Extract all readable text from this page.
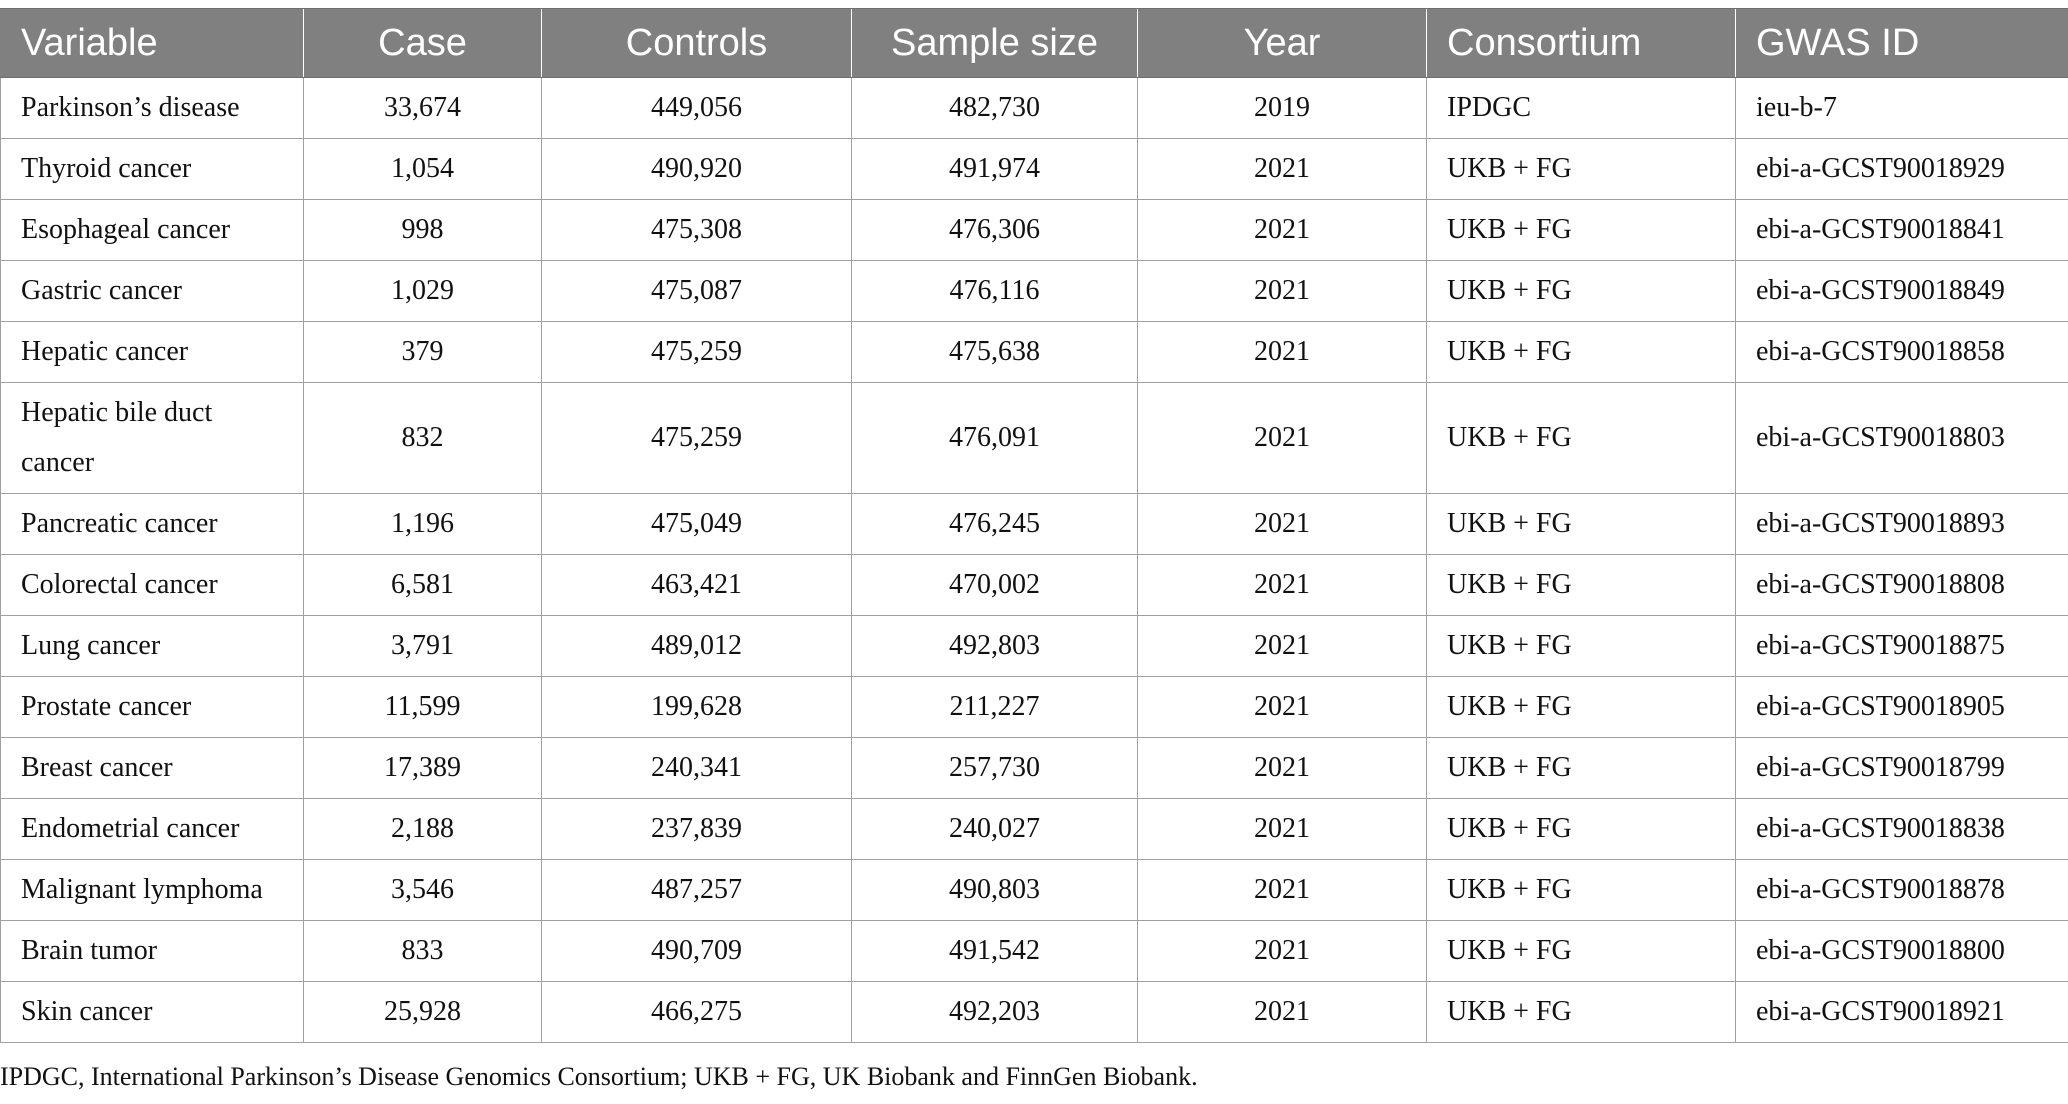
Variable	Case	Controls	Sample size	Year	Consortium	GWAS ID
Parkinson’s disease	33,674	449,056	482,730	2019	IPDGC	ieu-b-7
Thyroid cancer	1,054	490,920	491,974	2021	UKB + FG	ebi-a-GCST90018929
Esophageal cancer	998	475,308	476,306	2021	UKB + FG	ebi-a-GCST90018841
Gastric cancer	1,029	475,087	476,116	2021	UKB + FG	ebi-a-GCST90018849
Hepatic cancer	379	475,259	475,638	2021	UKB + FG	ebi-a-GCST90018858
Hepatic bile duct cancer	832	475,259	476,091	2021	UKB + FG	ebi-a-GCST90018803
Pancreatic cancer	1,196	475,049	476,245	2021	UKB + FG	ebi-a-GCST90018893
Colorectal cancer	6,581	463,421	470,002	2021	UKB + FG	ebi-a-GCST90018808
Lung cancer	3,791	489,012	492,803	2021	UKB + FG	ebi-a-GCST90018875
Prostate cancer	11,599	199,628	211,227	2021	UKB + FG	ebi-a-GCST90018905
Breast cancer	17,389	240,341	257,730	2021	UKB + FG	ebi-a-GCST90018799
Endometrial cancer	2,188	237,839	240,027	2021	UKB + FG	ebi-a-GCST90018838
Malignant lymphoma	3,546	487,257	490,803	2021	UKB + FG	ebi-a-GCST90018878
Brain tumor	833	490,709	491,542	2021	UKB + FG	ebi-a-GCST90018800
Skin cancer	25,928	466,275	492,203	2021	UKB + FG	ebi-a-GCST90018921
IPDGC, International Parkinson’s Disease Genomics Consortium; UKB + FG, UK Biobank and FinnGen Biobank.
